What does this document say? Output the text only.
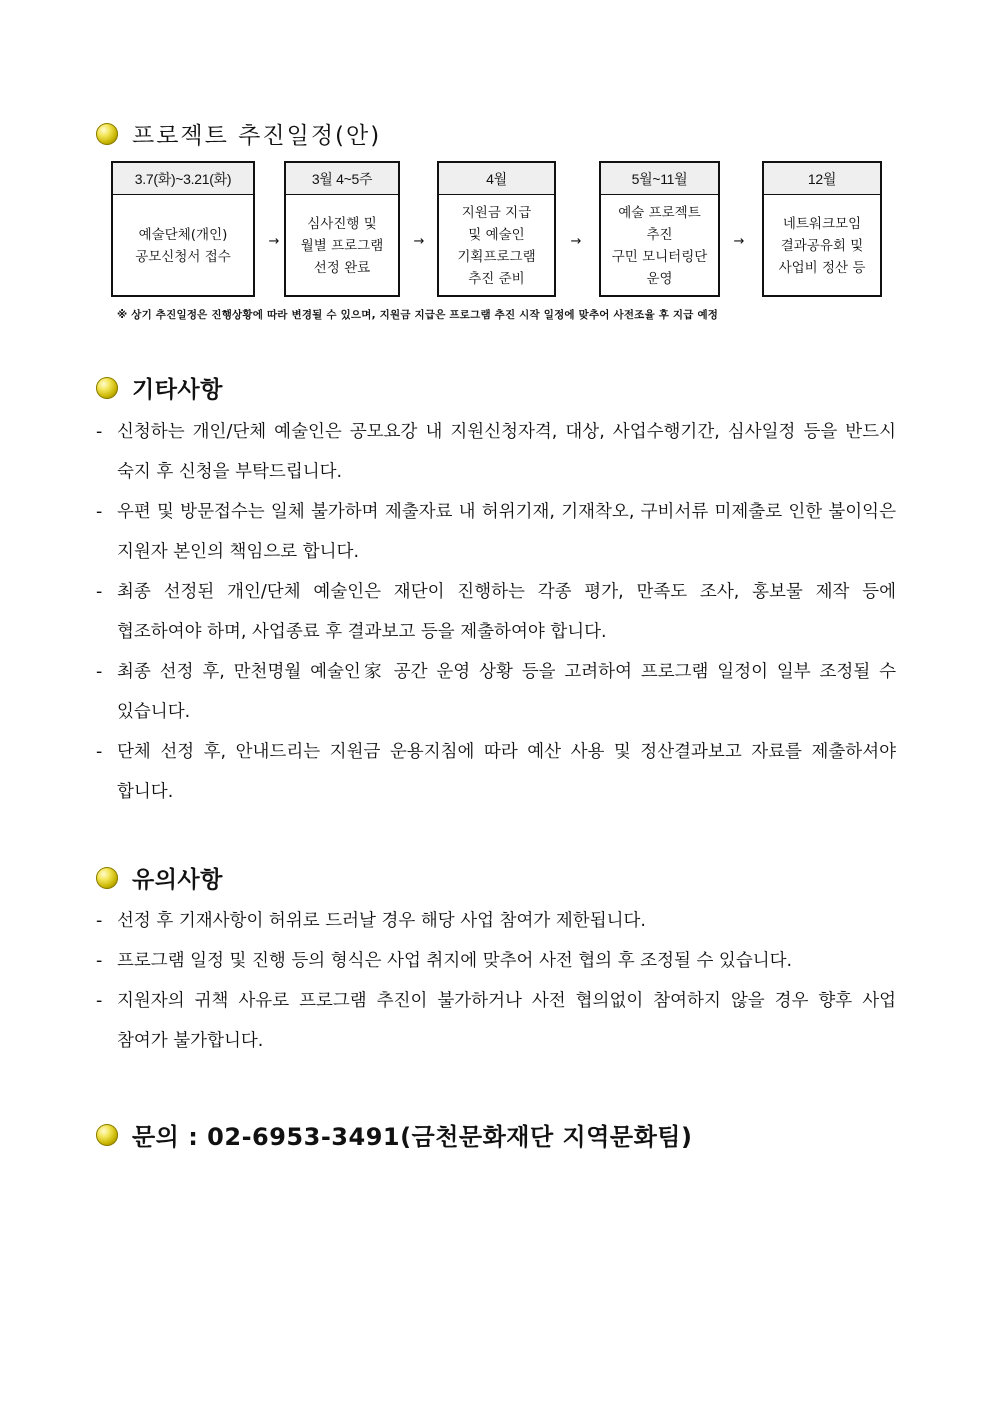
프로젝트 추진일정(안)
3.7(화)~3.21(화)
예술단체(개인)
공모신청서 접수
→
3월 4~5주
심사진행 및
월별 프로그램
선정 완료
→
4월
지원금 지급
및 예술인
기획프로그램
추진 준비
→
5월~11월
예술 프로젝트
추진
구민 모니터링단
운영
→
12월
네트워크모임
결과공유회 및
사업비 정산 등
※ 상기 추진일정은 진행상황에 따라 변경될 수 있으며, 지원금 지급은 프로그램 추진 시작 일정에 맞추어 사전조율 후 지급 예정
기타사항
- 신청하는 개인/단체 예술인은 공모요강 내 지원신청자격, 대상, 사업수행기간, 심사일정 등을 반드시 숙지 후 신청을 부탁드립니다.
- 우편 및 방문접수는 일체 불가하며 제출자료 내 허위기재, 기재착오, 구비서류 미제출로 인한 불이익은 지원자 본인의 책임으로 합니다.
- 최종 선정된 개인/단체 예술인은 재단이 진행하는 각종 평가, 만족도 조사, 홍보물 제작 등에 협조하여야 하며, 사업종료 후 결과보고 등을 제출하여야 합니다.
- 최종 선정 후, 만천명월 예술인家 공간 운영 상황 등을 고려하여 프로그램 일정이 일부 조정될 수 있습니다.
- 단체 선정 후, 안내드리는 지원금 운용지침에 따라 예산 사용 및 정산결과보고 자료를 제출하셔야 합니다.
유의사항
- 선정 후 기재사항이 허위로 드러날 경우 해당 사업 참여가 제한됩니다.
- 프로그램 일정 및 진행 등의 형식은 사업 취지에 맞추어 사전 협의 후 조정될 수 있습니다.
- 지원자의 귀책 사유로 프로그램 추진이 불가하거나 사전 협의없이 참여하지 않을 경우 향후 사업 참여가 불가합니다.
문의 : 02-6953-3491(금천문화재단 지역문화팀)
